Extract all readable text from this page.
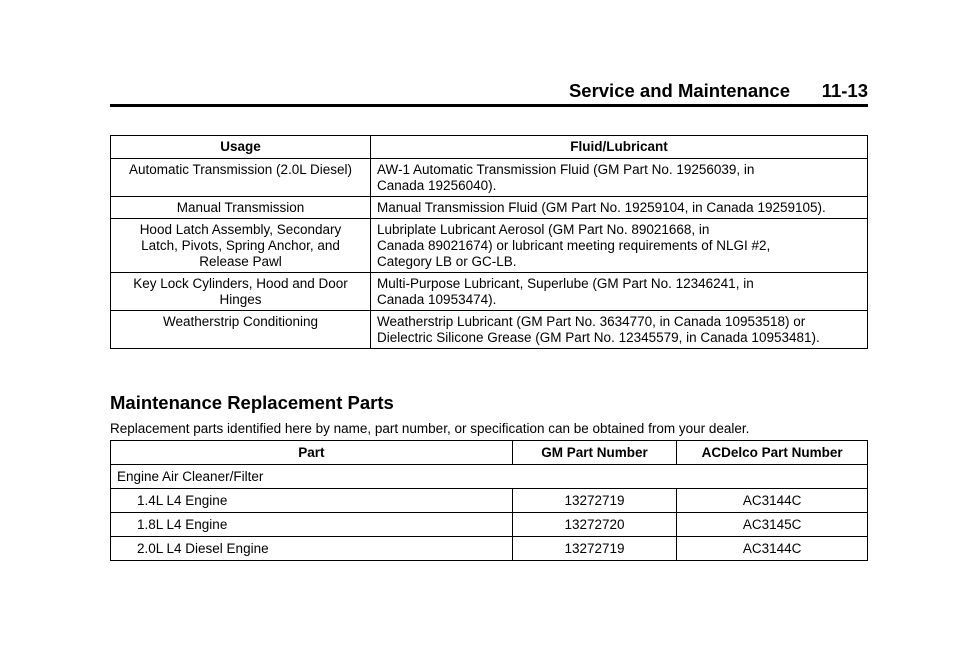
Service and Maintenance 11-13
Usage	Fluid/Lubricant

Automatic Transmission (2.0L Diesel)	AW-1 Automatic Transmission Fluid (GM Part No. 19256039, in
Canada 19256040).

Manual Transmission	Manual Transmission Fluid (GM Part No. 19259104, in Canada 19259105).

Hood Latch Assembly, Secondary
Latch, Pivots, Spring Anchor, and
Release Pawl	Lubriplate Lubricant Aerosol (GM Part No. 89021668, in
Canada 89021674) or lubricant meeting requirements of NLGI #2,
Category LB or GC-LB.

Key Lock Cylinders, Hood and Door
Hinges	Multi-Purpose Lubricant, Superlube (GM Part No. 12346241, in
Canada 10953474).

Weatherstrip Conditioning	Weatherstrip Lubricant (GM Part No. 3634770, in Canada 10953518) or
Dielectric Silicone Grease (GM Part No. 12345579, in Canada 10953481).
Maintenance Replacement Parts
Replacement parts identified here by name, part number, or specification can be obtained from your dealer.
Part	GM Part Number	ACDelco Part Number
Engine Air Cleaner/Filter		
1.4L L4 Engine	13272719	AC3144C
1.8L L4 Engine	13272720	AC3145C
2.0L L4 Diesel Engine	13272719	AC3144C
